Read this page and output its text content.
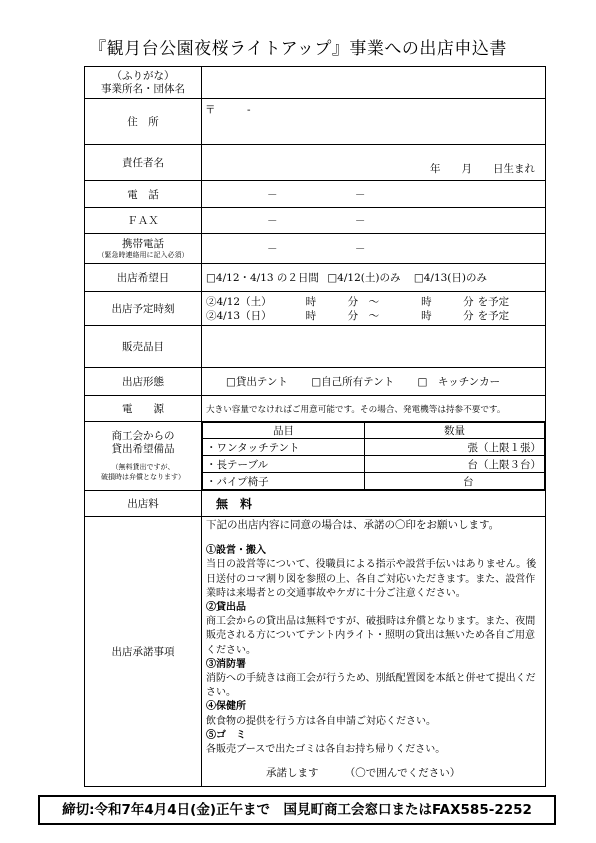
『観月台公園夜桜ライトアップ』事業への出店申込書
（ふりがな）
事業所名・団体名

住　所	〒　　　-
責任者名	年　　月　　日生まれ
電　話	－	－
ＦＡＸ	－	－

携帯電話
（緊急時連絡用に記入必須）	－	－
出店希望日	□4/12・4/13 の２日間 □4/12(土)のみ □4/13(日)のみ
出店予定時刻	
②4/12（土）	時　　　分　～　　　　時　　　分 を予定
②4/13（日）	時　　　分　～　　　　時　　　分 を予定

販売品目	
出店形態	□貸出テント □自己所有テント □　キッチンカー
電　　源	大きい容量でなければご用意可能です。その場合、発電機等は持参不要です。

商工会からの
貸出希望備品
（無料貸出ですが、
破損時は弁償となります）

品目	数量
・ワンタッチテント	張（上限１張）
・長テーブル	台（上限３台）
・パイプ椅子	台

出店料	無　料
出店承諾事項	

下記の出店内容に同意の場合は、承諾の〇印をお願いします。

①設営・搬入

当日の設営等について、役職員による指示や設営手伝いはありません。後日送付のコマ割り図を参照の上、各自ご対応いただきます。また、設営作業時は来場者との交通事故やケガに十分ご注意ください。

②貸出品

商工会からの貸出品は無料ですが、破損時は弁償となります。また、夜間販売される方についてテント内ライト・照明の貸出は無いため各自ご用意ください。

③消防署

消防への手続きは商工会が行うため、別紙配置図を本紙と併せて提出ください。

④保健所

飲食物の提供を行う方は各自申請ご対応ください。

⑤ゴ　ミ

各販売ブースで出たゴミは各自お持ち帰りください。

承諾します　　　（〇で囲んでください）
締切:令和7年4月4日(金)正午まで　国見町商工会窓口またはFAX585-2252
